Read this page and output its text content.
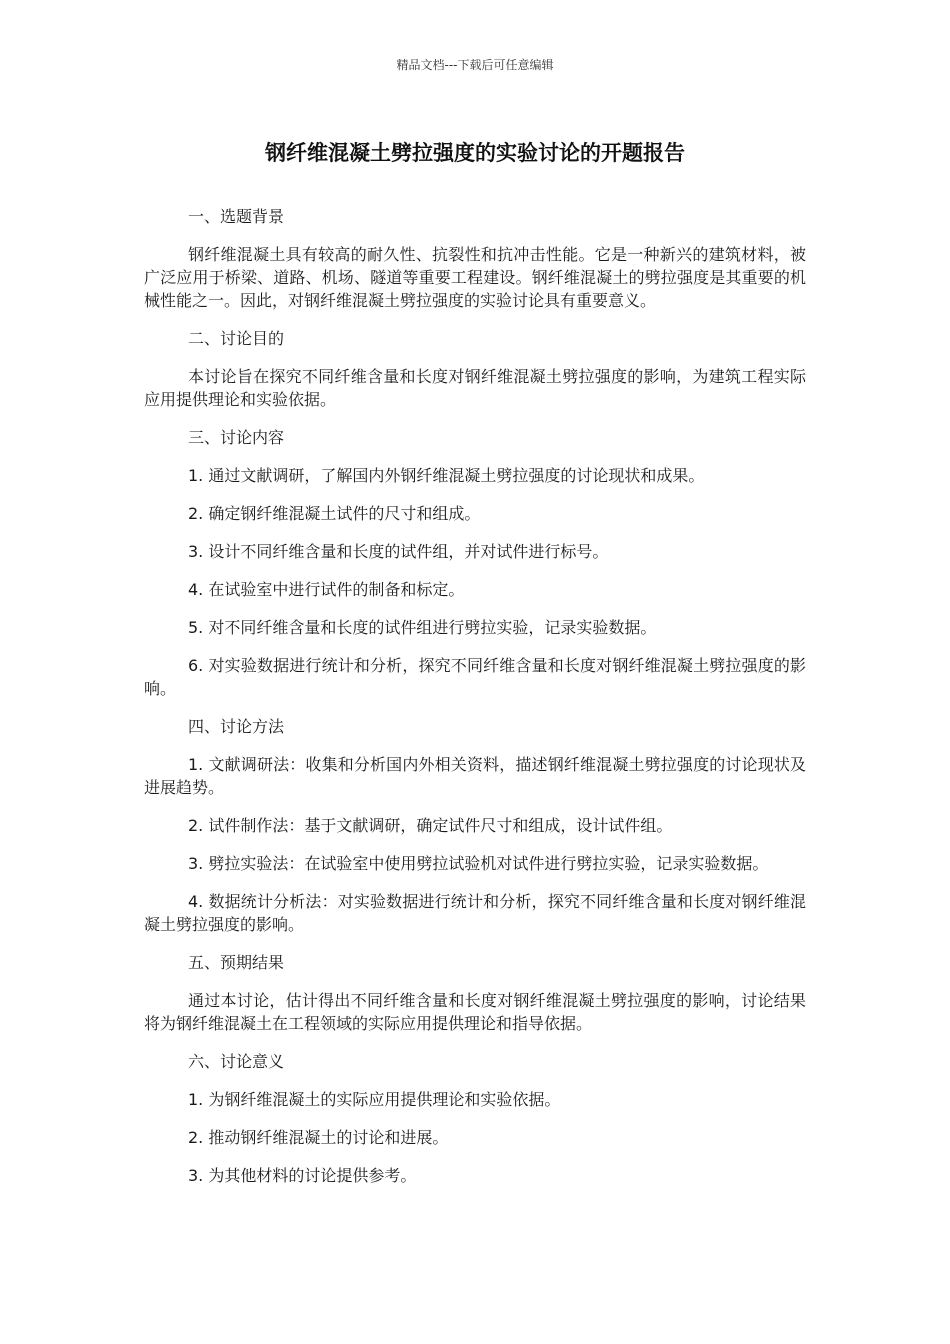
精品文档---下载后可任意编辑
钢纤维混凝土劈拉强度的实验讨论的开题报告

一、选题背景

钢纤维混凝土具有较高的耐久性、抗裂性和抗冲击性能。它是一种新兴的建筑材料，被广泛应用于桥梁、道路、机场、隧道等重要工程建设。钢纤维混凝土的劈拉强度是其重要的机械性能之一。因此，对钢纤维混凝土劈拉强度的实验讨论具有重要意义。

二、讨论目的

本讨论旨在探究不同纤维含量和长度对钢纤维混凝土劈拉强度的影响，为建筑工程实际应用提供理论和实验依据。

三、讨论内容

1. 通过文献调研，了解国内外钢纤维混凝土劈拉强度的讨论现状和成果。

2. 确定钢纤维混凝土试件的尺寸和组成。

3. 设计不同纤维含量和长度的试件组，并对试件进行标号。

4. 在试验室中进行试件的制备和标定。

5. 对不同纤维含量和长度的试件组进行劈拉实验，记录实验数据。

6. 对实验数据进行统计和分析，探究不同纤维含量和长度对钢纤维混凝土劈拉强度的影响。

四、讨论方法

1. 文献调研法：收集和分析国内外相关资料，描述钢纤维混凝土劈拉强度的讨论现状及进展趋势。

2. 试件制作法：基于文献调研，确定试件尺寸和组成，设计试件组。

3. 劈拉实验法：在试验室中使用劈拉试验机对试件进行劈拉实验，记录实验数据。

4. 数据统计分析法：对实验数据进行统计和分析，探究不同纤维含量和长度对钢纤维混凝土劈拉强度的影响。

五、预期结果

通过本讨论，估计得出不同纤维含量和长度对钢纤维混凝土劈拉强度的影响，讨论结果将为钢纤维混凝土在工程领域的实际应用提供理论和指导依据。

六、讨论意义

1. 为钢纤维混凝土的实际应用提供理论和实验依据。

2. 推动钢纤维混凝土的讨论和进展。

3. 为其他材料的讨论提供参考。
